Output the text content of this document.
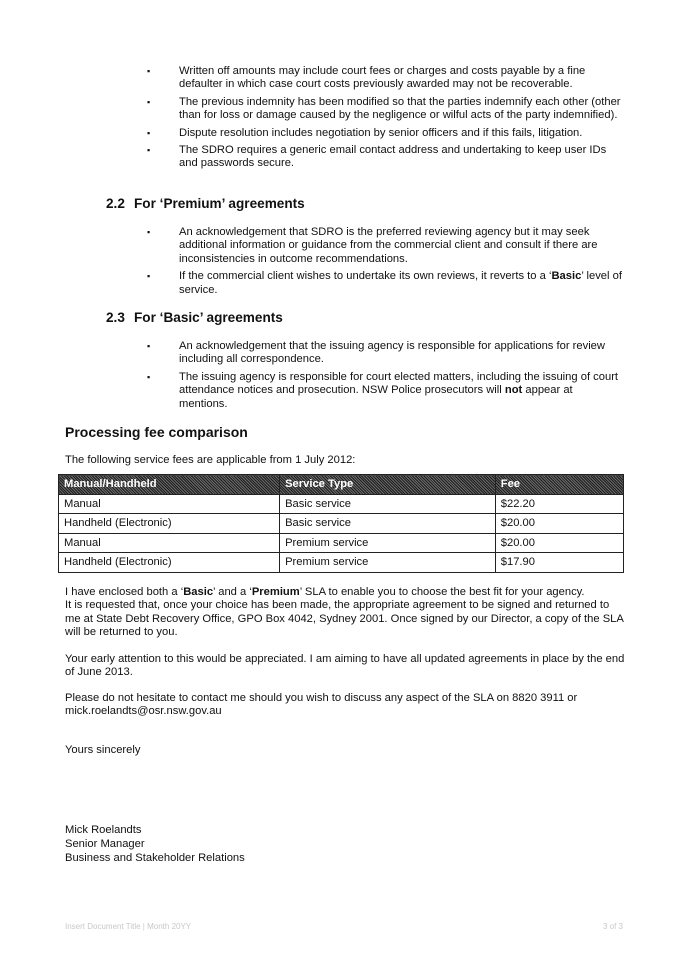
▪	Written off amounts may include court fees or charges and costs payable by a fine defaulter in which case court costs previously awarded may not be recoverable.
▪	The previous indemnity has been modified so that the parties indemnify each other (other than for loss or damage caused by the negligence or wilful acts of the party indemnified).
▪	Dispute resolution includes negotiation by senior officers and if this fails, litigation.
▪	The SDRO requires a generic email contact address and undertaking to keep user IDs and passwords secure.
2.2 For ‘Premium’ agreements
▪	An acknowledgement that SDRO is the preferred reviewing agency but it may seek additional information or guidance from the commercial client and consult if there are inconsistencies in outcome recommendations.
▪	If the commercial client wishes to undertake its own reviews, it reverts to a ‘Basic’ level of service.
2.3 For ‘Basic’ agreements
▪	An acknowledgement that the issuing agency is responsible for applications for review including all correspondence.
▪	The issuing agency is responsible for court elected matters, including the issuing of court attendance notices and prosecution. NSW Police prosecutors will not appear at mentions.
Processing fee comparison

The following service fees are applicable from 1 July 2012:

Manual/Handheld	Service Type	Fee
Manual	Basic service	$22.20
Handheld (Electronic)	Basic service	$20.00
Manual	Premium service	$20.00
Handheld (Electronic)	Premium service	$17.90

I have enclosed both a ‘Basic’ and a ‘Premium’ SLA to enable you to choose the best fit for your agency.
It is requested that, once your choice has been made, the appropriate agreement to be signed and returned to me at State Debt Recovery Office, GPO Box 4042, Sydney 2001. Once signed by our Director, a copy of the SLA will be returned to you.

Your early attention to this would be appreciated. I am aiming to have all updated agreements in place by the end of June 2013.

Please do not hesitate to contact me should you wish to discuss any aspect of the SLA on 8820 3911 or mick.roelandts@osr.nsw.gov.au

Yours sincerely

Mick Roelandts
Senior Manager
Business and Stakeholder Relations
Insert Document Title | Month 20YY	3 of 3
